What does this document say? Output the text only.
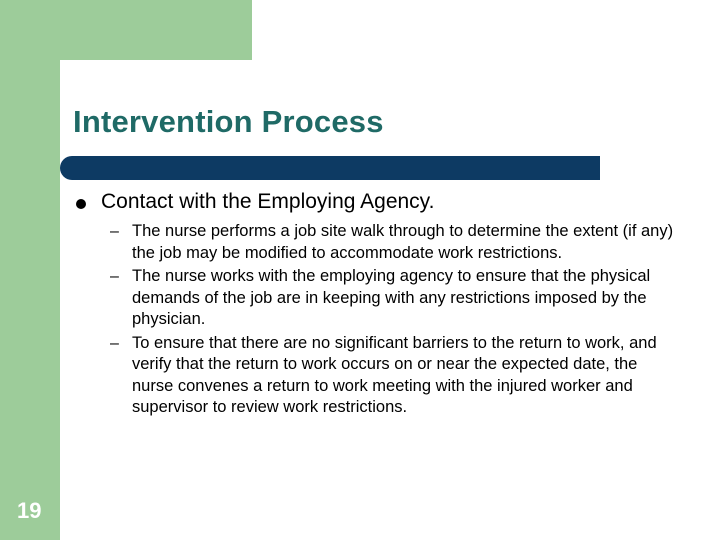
Intervention Process

Contact with the Employing Agency.

– The nurse performs a job site walk through to determine the extent (if any) the job may be modified to accommodate work restrictions.

– The nurse works with the employing agency to ensure that the physical demands of the job are in keeping with any restrictions imposed by the physician.

– To ensure that there are no significant barriers to the return to work, and verify that the return to work occurs on or near the expected date, the nurse convenes a return to work meeting with the injured worker and supervisor to review work restrictions.

19
